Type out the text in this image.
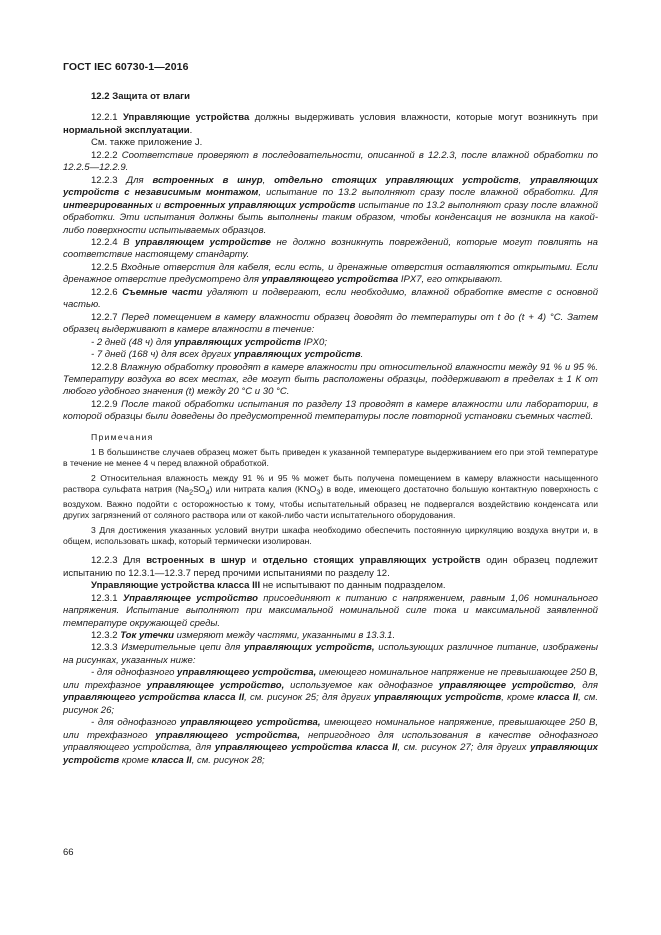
ГОСТ IEC 60730-1—2016

12.2 Защита от влаги

12.2.1 Управляющие устройства должны выдерживать условия влажности, которые могут возникнуть при нормальной эксплуатации.

См. также приложение J.

12.2.2 Соответствие проверяют в последовательности, описанной в 12.2.3, после влажной обработки по 12.2.5—12.2.9.

12.2.3 Для встроенных в шнур, отдельно стоящих управляющих устройств, управляющих устройств с независимым монтажом, испытание по 13.2 выполняют сразу после влажной обработки. Для интегрированных и встроенных управляющих устройств испытание по 13.2 выполняют сразу после влажной обработки. Эти испытания должны быть выполнены таким образом, чтобы конденсация не возникла на какой-либо поверхности испытываемых образцов.

12.2.4 В управляющем устройстве не должно возникнуть повреждений, которые могут повлиять на соответствие настоящему стандарту.

12.2.5 Входные отверстия для кабеля, если есть, и дренажные отверстия оставляются открытыми. Если дренажное отверстие предусмотрено для управляющего устройства IPX7, его открывают.

12.2.6 Съемные части удаляют и подвергают, если необходимо, влажной обработке вместе с основной частью.

12.2.7 Перед помещением в камеру влажности образец доводят до температуры от t до (t + 4) °C. Затем образец выдерживают в камере влажности в течение:

- 2 дней (48 ч) для управляющих устройств IPX0;

- 7 дней (168 ч) для всех других управляющих устройств.

12.2.8 Влажную обработку проводят в камере влажности при относительной влажности между 91 % и 95 %. Температуру воздуха во всех местах, где могут быть расположены образцы, поддерживают в пределах ± 1 К от любого удобного значения (t) между 20 °C и 30 °C.

12.2.9 После такой обработки испытания по разделу 13 проводят в камере влажности или лаборатории, в которой образцы были доведены до предусмотренной температуры после повторной установки съемных частей.

Примечания

1 В большинстве случаев образец может быть приведен к указанной температуре выдерживанием его при этой температуре в течение не менее 4 ч перед влажной обработкой.

2 Относительная влажность между 91 % и 95 % может быть получена помещением в камеру влажности насыщенного раствора сульфата натрия $(Na_2SO_4)$ или нитрата калия $(KNO_3)$ в воде, имеющего достаточно большую контактную поверхность с воздухом. Важно подойти с осторожностью к тому, чтобы испытательный образец не подвергался воздействию конденсата или других загрязнений от соляного раствора или от какой-либо части испытательного оборудования.

3 Для достижения указанных условий внутри шкафа необходимо обеспечить постоянную циркуляцию воздуха внутри и, в общем, использовать шкаф, который термически изолирован.

12.2.3 Для встроенных в шнур и отдельно стоящих управляющих устройств один образец подлежит испытанию по 12.3.1—12.3.7 перед прочими испытаниями по разделу 12.

Управляющие устройства класса III не испытывают по данным подразделом.

12.3.1 Управляющее устройство присоединяют к питанию с напряжением, равным 1,06 номинального напряжения. Испытание выполняют при максимальной номинальной силе тока и максимальной заявленной температуре окружающей среды.

12.3.2 Ток утечки измеряют между частями, указанными в 13.3.1.

12.3.3 Измерительные цепи для управляющих устройств, использующих различное питание, изображены на рисунках, указанных ниже:

- для однофазного управляющего устройства, имеющего номинальное напряжение не превышающее 250 В, или трехфазное управляющее устройство, используемое как однофазное управляющее устройство, для управляющего устройства класса II, см. рисунок 25; для других управляющих устройств, кроме класса II, см. рисунок 26;

- для однофазного управляющего устройства, имеющего номинальное напряжение, превышающее 250 В, или трехфазного управляющего устройства, непригодного для использования в качестве однофазного управляющего устройства, для управляющего устройства класса II, см. рисунок 27; для других управляющих устройств кроме класса II, см. рисунок 28;

66
